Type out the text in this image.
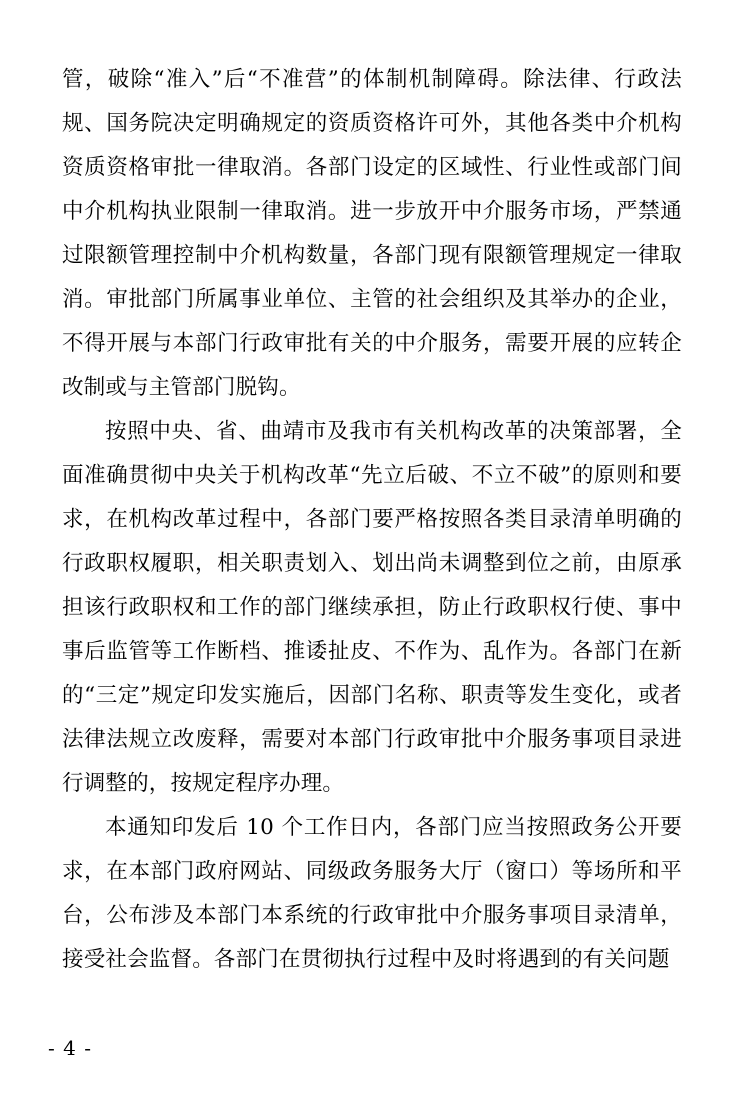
管，破除“准入”后“不准营”的体制机制障碍。除法律、行政法规、国务院决定明确规定的资质资格许可外，其他各类中介机构资质资格审批一律取消。各部门设定的区域性、行业性或部门间中介机构执业限制一律取消。进一步放开中介服务市场，严禁通过限额管理控制中介机构数量，各部门现有限额管理规定一律取消。审批部门所属事业单位、主管的社会组织及其举办的企业，不得开展与本部门行政审批有关的中介服务，需要开展的应转企改制或与主管部门脱钩。

按照中央、省、曲靖市及我市有关机构改革的决策部署，全面准确贯彻中央关于机构改革“先立后破、不立不破”的原则和要求，在机构改革过程中，各部门要严格按照各类目录清单明确的行政职权履职，相关职责划入、划出尚未调整到位之前，由原承担该行政职权和工作的部门继续承担，防止行政职权行使、事中事后监管等工作断档、推诿扯皮、不作为、乱作为。各部门在新的“三定”规定印发实施后，因部门名称、职责等发生变化，或者法律法规立改废释，需要对本部门行政审批中介服务事项目录进行调整的，按规定程序办理。

本通知印发后 10 个工作日内，各部门应当按照政务公开要求，在本部门政府网站、同级政务服务大厅（窗口）等场所和平台，公布涉及本部门本系统的行政审批中介服务事项目录清单，接受社会监督。各部门在贯彻执行过程中及时将遇到的有关问题

- 4 -
